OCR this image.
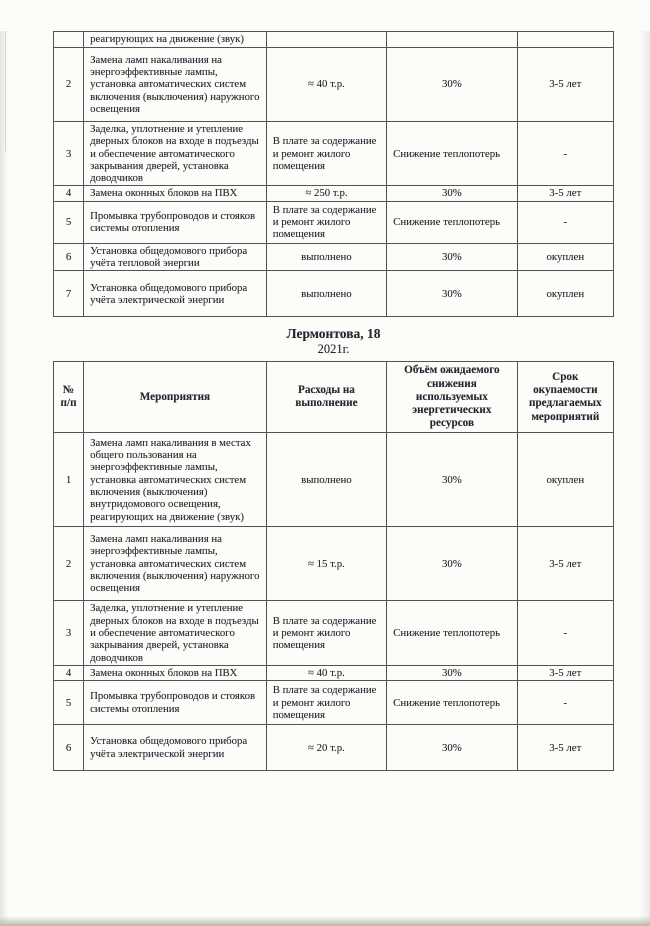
	реагирующих на движение (звук)			
2	Замена ламп накаливания на энергоэффективные лампы, установка автоматических систем включения (выключения) наружного освещения	≈ 40 т.р.	30%	3-5 лет
3	Заделка, уплотнение и утепление дверных блоков на входе в подъезды и обеспечение автоматического закрывания дверей, установка доводчиков	В плате за содержание и ремонт жилого помещения	Снижение теплопотерь	-
4	Замена оконных блоков на ПВХ	≈ 250 т.р.	30%	3-5 лет
5	Промывка трубопроводов и стояков системы отопления	В плате за содержание и ремонт жилого помещения	Снижение теплопотерь	-
6	Установка общедомового прибора учёта тепловой энергии	выполнено	30%	окуплен
7	Установка общедомового прибора учёта электрической энергии	выполнено	30%	окуплен
Лермонтова, 18
2021г.
№ п/п	Мероприятия	Расходы на выполнение	Объём ожидаемого снижения используемых энергетических ресурсов	Срок окупаемости предлагаемых мероприятий
1	Замена ламп накаливания в местах общего пользования на энергоэффективные лампы, установка автоматических систем включения (выключения) внутридомового освещения, реагирующих на движение (звук)	выполнено	30%	окуплен
2	Замена ламп накаливания на энергоэффективные лампы, установка автоматических систем включения (выключения) наружного освещения	≈ 15 т.р.	30%	3-5 лет
3	Заделка, уплотнение и утепление дверных блоков на входе в подъезды и обеспечение автоматического закрывания дверей, установка доводчиков	В плате за содержание и ремонт жилого помещения	Снижение теплопотерь	-
4	Замена оконных блоков на ПВХ	≈ 40 т.р.	30%	3-5 лет
5	Промывка трубопроводов и стояков системы отопления	В плате за содержание и ремонт жилого помещения	Снижение теплопотерь	-
6	Установка общедомового прибора учёта электрической энергии	≈ 20 т.р.	30%	3-5 лет
